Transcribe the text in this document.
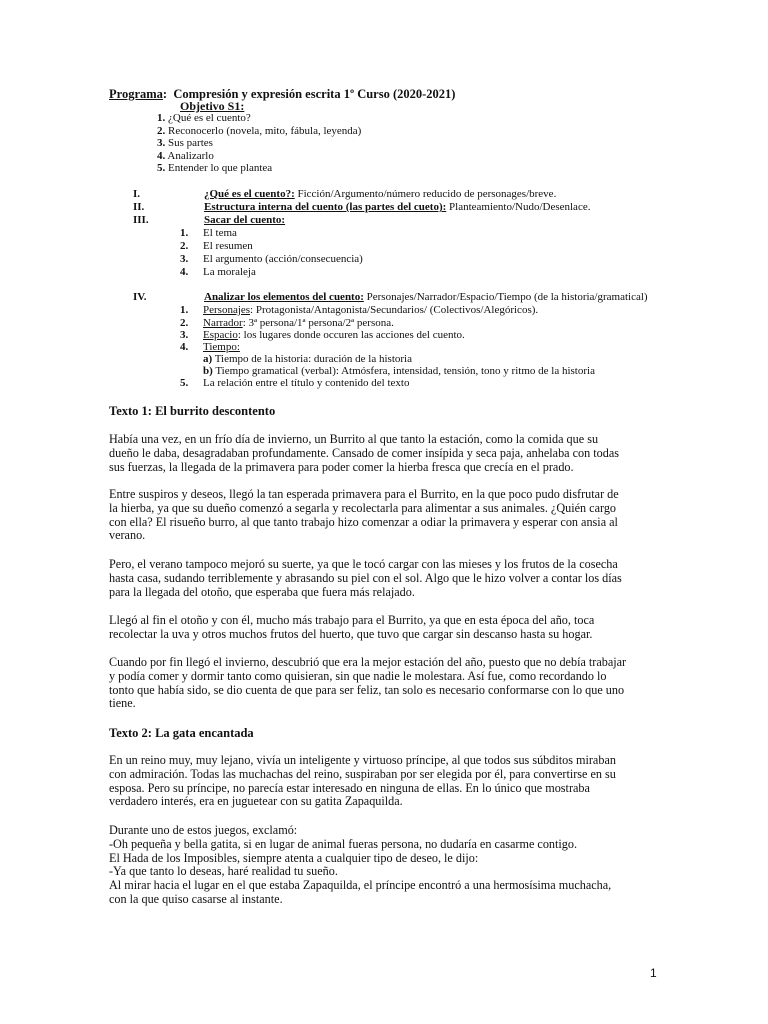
Programa:  Compresión y expresión escrita 1º Curso (2020-2021)
Objetivo S1:
1. ¿Qué es el cuento?
2. Reconocerlo (novela, mito, fábula, leyenda)
3. Sus partes
4. Analizarlo
5. Entender lo que plantea
I.	¿Qué es el cuento?: Ficción/Argumento/número reducido de personages/breve.
II.	Estructura interna del cuento (las partes del cueto): Planteamiento/Nudo/Desenlace.
III.	Sacar del cuento:
1. El tema
2. El resumen
3. El argumento (acción/consecuencia)
4. La moraleja
IV.	Analizar los elementos del cuento: Personajes/Narrador/Espacio/Tiempo (de la historia/gramatical)
1. Personajes: Protagonista/Antagonista/Secundarios/ (Colectivos/Alegóricos).
2. Narrador: 3ª persona/1ª persona/2ª persona.
3. Espacio: los lugares donde occuren las acciones del cuento.
4. Tiempo:
a) Tiempo de la historia: duración de la historia
b) Tiempo gramatical (verbal): Atmósfera, intensidad, tensión, tono y ritmo de la historia
5. La relación entre el título y contenido del texto
Texto 1: El burrito descontento
Había una vez, en un frío día de invierno, un Burrito al que tanto la estación, como la comida que su
dueño le daba, desagradaban profundamente. Cansado de comer insípida y seca paja, anhelaba con todas
sus fuerzas, la llegada de la primavera para poder comer la hierba fresca que crecía en el prado.
Entre suspiros y deseos, llegó la tan esperada primavera para el Burrito, en la que poco pudo disfrutar de
la hierba, ya que su dueño comenzó a segarla y recolectarla para alimentar a sus animales. ¿Quién cargo
con ella? El risueño burro, al que tanto trabajo hizo comenzar a odiar la primavera y esperar con ansia al
verano.
Pero, el verano tampoco mejoró su suerte, ya que le tocó cargar con las mieses y los frutos de la cosecha
hasta casa, sudando terriblemente y abrasando su piel con el sol. Algo que le hizo volver a contar los días
para la llegada del otoño, que esperaba que fuera más relajado.
Llegó al fin el otoño y con él, mucho más trabajo para el Burrito, ya que en esta época del año, toca
recolectar la uva y otros muchos frutos del huerto, que tuvo que cargar sin descanso hasta su hogar.
Cuando por fin llegó el invierno, descubrió que era la mejor estación del año, puesto que no debía trabajar
y podía comer y dormir tanto como quisieran, sin que nadie le molestara. Así fue, como recordando lo
tonto que había sido, se dio cuenta de que para ser feliz, tan solo es necesario conformarse con lo que uno
tiene.
Texto 2: La gata encantada
En un reino muy, muy lejano, vivía un inteligente y virtuoso príncipe, al que todos sus súbditos miraban
con admiración. Todas las muchachas del reino, suspiraban por ser elegida por él, para convertirse en su
esposa. Pero su príncipe, no parecía estar interesado en ninguna de ellas. En lo único que mostraba
verdadero interés, era en juguetear con su gatita Zapaquilda.
Durante uno de estos juegos, exclamó:
-Oh pequeña y bella gatita, si en lugar de animal fueras persona, no dudaría en casarme contigo.
El Hada de los Imposibles, siempre atenta a cualquier tipo de deseo, le dijo:
-Ya que tanto lo deseas, haré realidad tu sueño.
Al mirar hacia el lugar en el que estaba Zapaquilda, el príncipe encontró a una hermosísima muchacha,
con la que quiso casarse al instante.
1
